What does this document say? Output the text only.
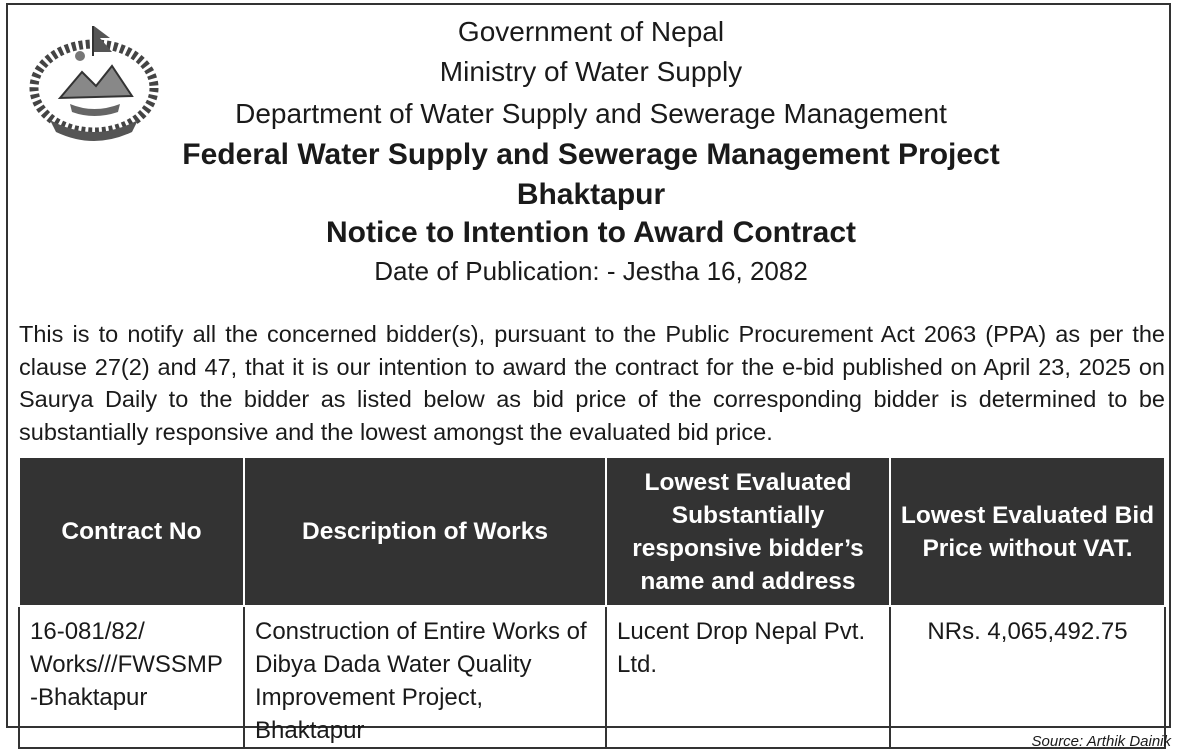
Government of Nepal
Ministry of Water Supply
Department of Water Supply and Sewerage Management
Federal Water Supply and Sewerage Management Project
Bhaktapur
Notice to Intention to Award Contract
Date of Publication: - Jestha 16, 2082

This is to notify all the concerned bidder(s), pursuant to the Public Procurement Act 2063 (PPA) as per the clause 27(2) and 47, that it is our intention to award the contract for the e-bid published on April 23, 2025 on Saurya Daily to the bidder as listed below as bid price of the corresponding bidder is determined to be substantially responsive and the lowest amongst the evaluated bid price.

Contract No	Description of Works	Lowest Evaluated Substantially responsive bidder’s name and address	Lowest Evaluated Bid Price without VAT.
16-081/82/ Works///FWSSMP -Bhaktapur	Construction of Entire Works of Dibya Dada Water Quality Improvement Project, Bhaktapur	Lucent Drop Nepal Pvt. Ltd.	NRs. 4,065,492.75
Source: Arthik Dainik
